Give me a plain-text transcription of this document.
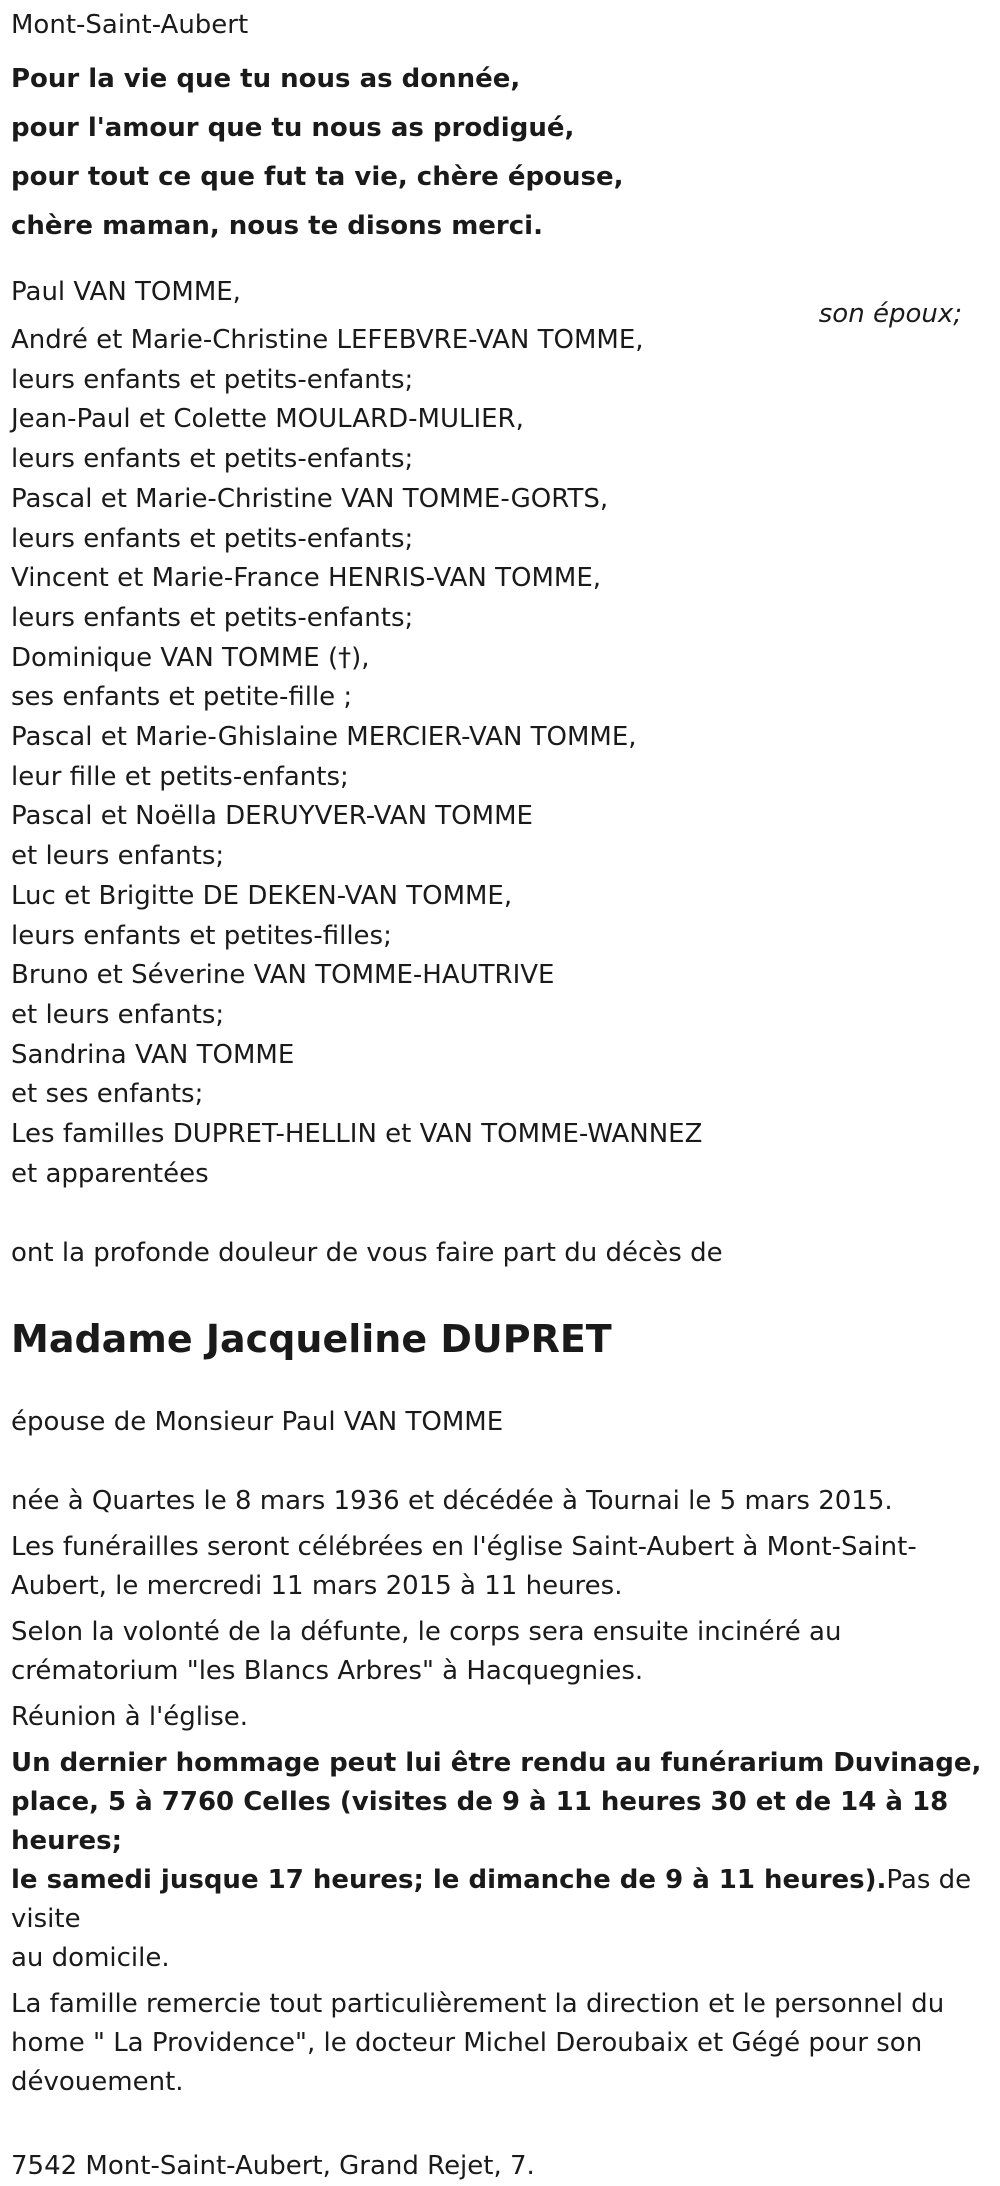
Mont-Saint-Aubert

Pour la vie que tu nous as donnée,

pour l'amour que tu nous as prodigué,

pour tout ce que fut ta vie, chère épouse,

chère maman, nous te disons merci.

Paul VAN TOMME,
son époux;

André et Marie-Christine LEFEBVRE-VAN TOMME,

leurs enfants et petits-enfants;

Jean-Paul et Colette MOULARD-MULIER,

leurs enfants et petits-enfants;

Pascal et Marie-Christine VAN TOMME-GORTS,

leurs enfants et petits-enfants;

Vincent et Marie-France HENRIS-VAN TOMME,

leurs enfants et petits-enfants;

Dominique VAN TOMME (†),

ses enfants et petite-fille ;

Pascal et Marie-Ghislaine MERCIER-VAN TOMME,

leur fille et petits-enfants;

Pascal et Noëlla DERUYVER-VAN TOMME

et leurs enfants;

Luc et Brigitte DE DEKEN-VAN TOMME,

leurs enfants et petites-filles;

Bruno et Séverine VAN TOMME-HAUTRIVE

et leurs enfants;

Sandrina VAN TOMME

et ses enfants;

Les familles DUPRET-HELLIN et VAN TOMME-WANNEZ

et apparentées

ont la profonde douleur de vous faire part du décès de

Madame Jacqueline DUPRET

épouse de Monsieur Paul VAN TOMME

née à Quartes le 8 mars 1936 et décédée à Tournai le 5 mars 2015.

Les funérailles seront célébrées en l'église Saint-Aubert à Mont-Saint-
Aubert, le mercredi 11 mars 2015 à 11 heures.
Selon la volonté de la défunte, le corps sera ensuite incinéré au
crématorium "les Blancs Arbres" à Hacquegnies.

Réunion à l'église.

Un dernier hommage peut lui être rendu au funérarium Duvinage,
place, 5 à 7760 Celles (visites de 9 à 11 heures 30 et de 14 à 18 heures;
le samedi jusque 17 heures; le dimanche de 9 à 11 heures).Pas de visite
au domicile.
La famille remercie tout particulièrement la direction et le personnel du
home " La Providence", le docteur Michel Deroubaix et Gégé pour son
dévouement.

7542 Mont-Saint-Aubert, Grand Rejet, 7.
